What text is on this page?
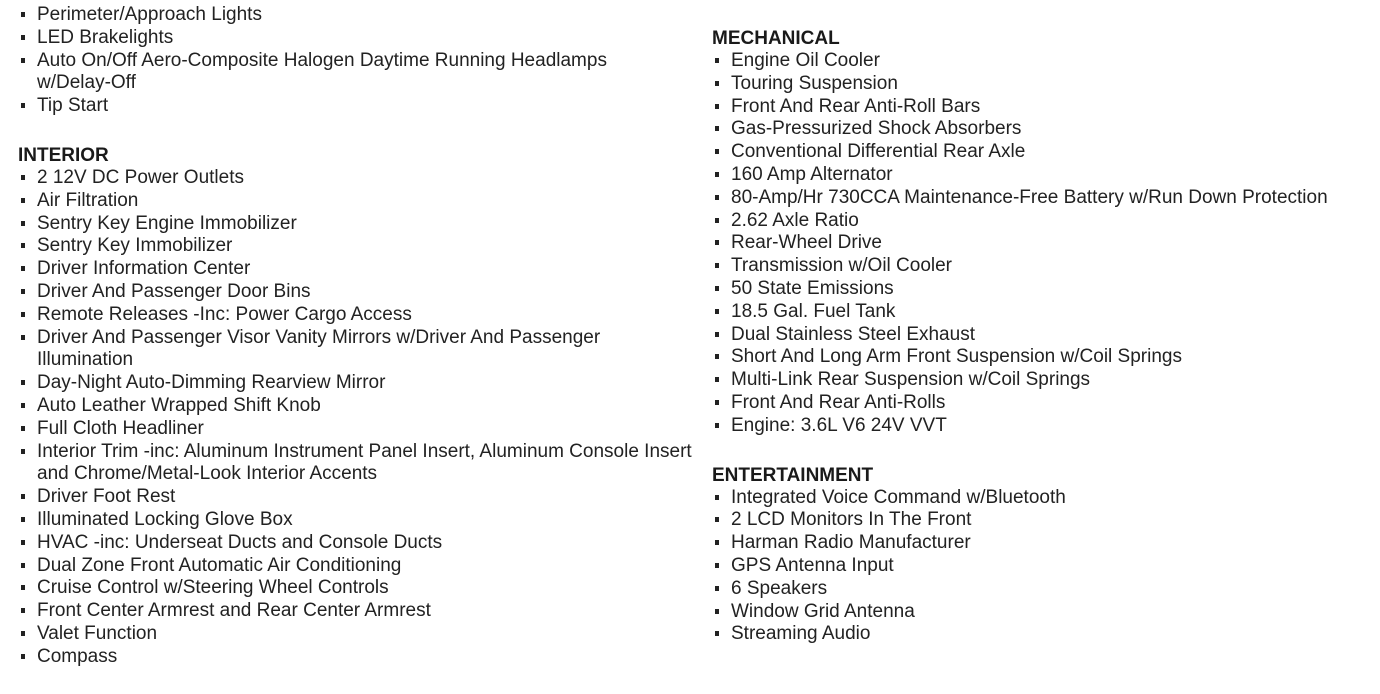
Perimeter/Approach Lights
LED Brakelights
Auto On/Off Aero-Composite Halogen Daytime Running Headlamps w/Delay-Off
Tip Start
INTERIOR
2 12V DC Power Outlets
Air Filtration
Sentry Key Engine Immobilizer
Sentry Key Immobilizer
Driver Information Center
Driver And Passenger Door Bins
Remote Releases -Inc: Power Cargo Access
Driver And Passenger Visor Vanity Mirrors w/Driver And Passenger Illumination
Day-Night Auto-Dimming Rearview Mirror
Auto Leather Wrapped Shift Knob
Full Cloth Headliner
Interior Trim -inc: Aluminum Instrument Panel Insert, Aluminum Console Insert and Chrome/Metal-Look Interior Accents
Driver Foot Rest
Illuminated Locking Glove Box
HVAC -inc: Underseat Ducts and Console Ducts
Dual Zone Front Automatic Air Conditioning
Cruise Control w/Steering Wheel Controls
Front Center Armrest and Rear Center Armrest
Valet Function
Compass
MECHANICAL
Engine Oil Cooler
Touring Suspension
Front And Rear Anti-Roll Bars
Gas-Pressurized Shock Absorbers
Conventional Differential Rear Axle
160 Amp Alternator
80-Amp/Hr 730CCA Maintenance-Free Battery w/Run Down Protection
2.62 Axle Ratio
Rear-Wheel Drive
Transmission w/Oil Cooler
50 State Emissions
18.5 Gal. Fuel Tank
Dual Stainless Steel Exhaust
Short And Long Arm Front Suspension w/Coil Springs
Multi-Link Rear Suspension w/Coil Springs
Front And Rear Anti-Rolls
Engine: 3.6L V6 24V VVT
ENTERTAINMENT
Integrated Voice Command w/Bluetooth
2 LCD Monitors In The Front
Harman Radio Manufacturer
GPS Antenna Input
6 Speakers
Window Grid Antenna
Streaming Audio
